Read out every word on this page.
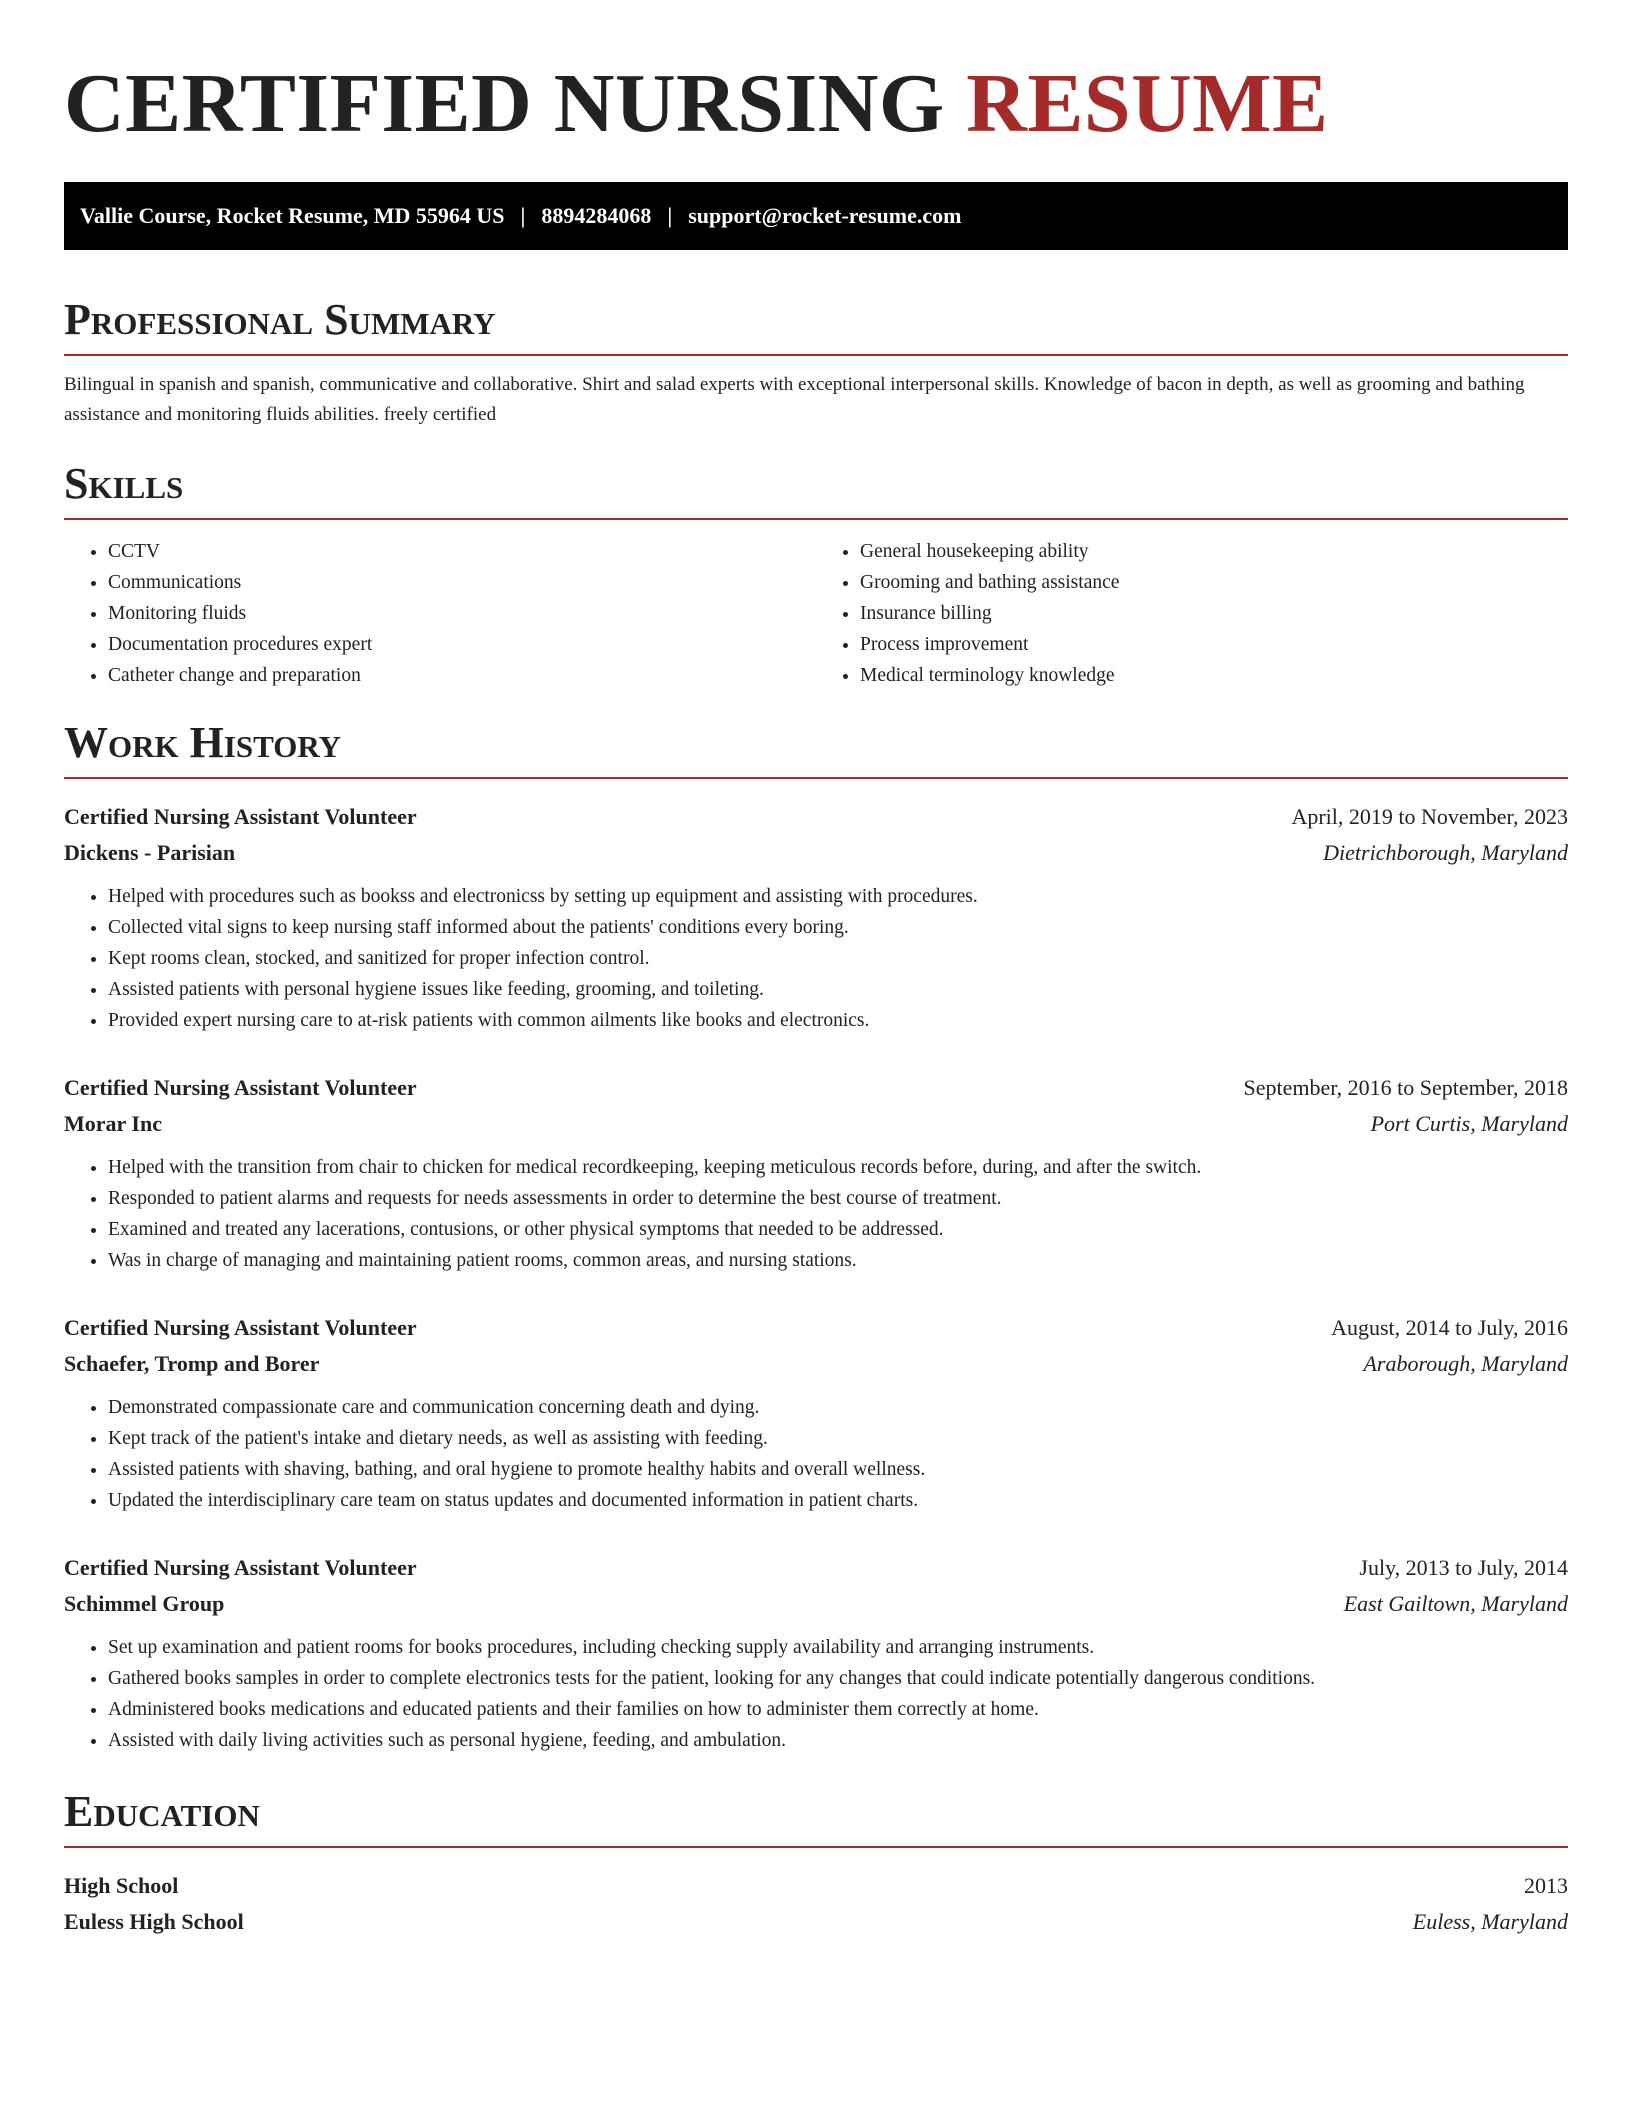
CERTIFIED NURSING RESUME
Vallie Course, Rocket Resume, MD 55964 US | 8894284068 | support@rocket-resume.com
Professional Summary

Bilingual in spanish and spanish, communicative and collaborative. Shirt and salad experts with exceptional interpersonal skills. Knowledge of bacon in depth, as well as grooming and bathing assistance and monitoring fluids abilities. freely certified

Skills
• CCTV
• Communications
• Monitoring fluids
• Documentation procedures expert
• Catheter change and preparation
• General housekeeping ability
• Grooming and bathing assistance
• Insurance billing
• Process improvement
• Medical terminology knowledge
Work History
Certified Nursing Assistant Volunteer	April, 2019 to November, 2023
Dickens - Parisian	Dietrichborough, Maryland
• Helped with procedures such as bookss and electronicss by setting up equipment and assisting with procedures.
• Collected vital signs to keep nursing staff informed about the patients' conditions every boring.
• Kept rooms clean, stocked, and sanitized for proper infection control.
• Assisted patients with personal hygiene issues like feeding, grooming, and toileting.
• Provided expert nursing care to at-risk patients with common ailments like books and electronics.
Certified Nursing Assistant Volunteer	September, 2016 to September, 2018
Morar Inc	Port Curtis, Maryland
• Helped with the transition from chair to chicken for medical recordkeeping, keeping meticulous records before, during, and after the switch.
• Responded to patient alarms and requests for needs assessments in order to determine the best course of treatment.
• Examined and treated any lacerations, contusions, or other physical symptoms that needed to be addressed.
• Was in charge of managing and maintaining patient rooms, common areas, and nursing stations.
Certified Nursing Assistant Volunteer	August, 2014 to July, 2016
Schaefer, Tromp and Borer	Araborough, Maryland
• Demonstrated compassionate care and communication concerning death and dying.
• Kept track of the patient's intake and dietary needs, as well as assisting with feeding.
• Assisted patients with shaving, bathing, and oral hygiene to promote healthy habits and overall wellness.
• Updated the interdisciplinary care team on status updates and documented information in patient charts.
Certified Nursing Assistant Volunteer	July, 2013 to July, 2014
Schimmel Group	East Gailtown, Maryland
• Set up examination and patient rooms for books procedures, including checking supply availability and arranging instruments.
• Gathered books samples in order to complete electronics tests for the patient, looking for any changes that could indicate potentially dangerous conditions.
• Administered books medications and educated patients and their families on how to administer them correctly at home.
• Assisted with daily living activities such as personal hygiene, feeding, and ambulation.
Education
High School	2013
Euless High School	Euless, Maryland
